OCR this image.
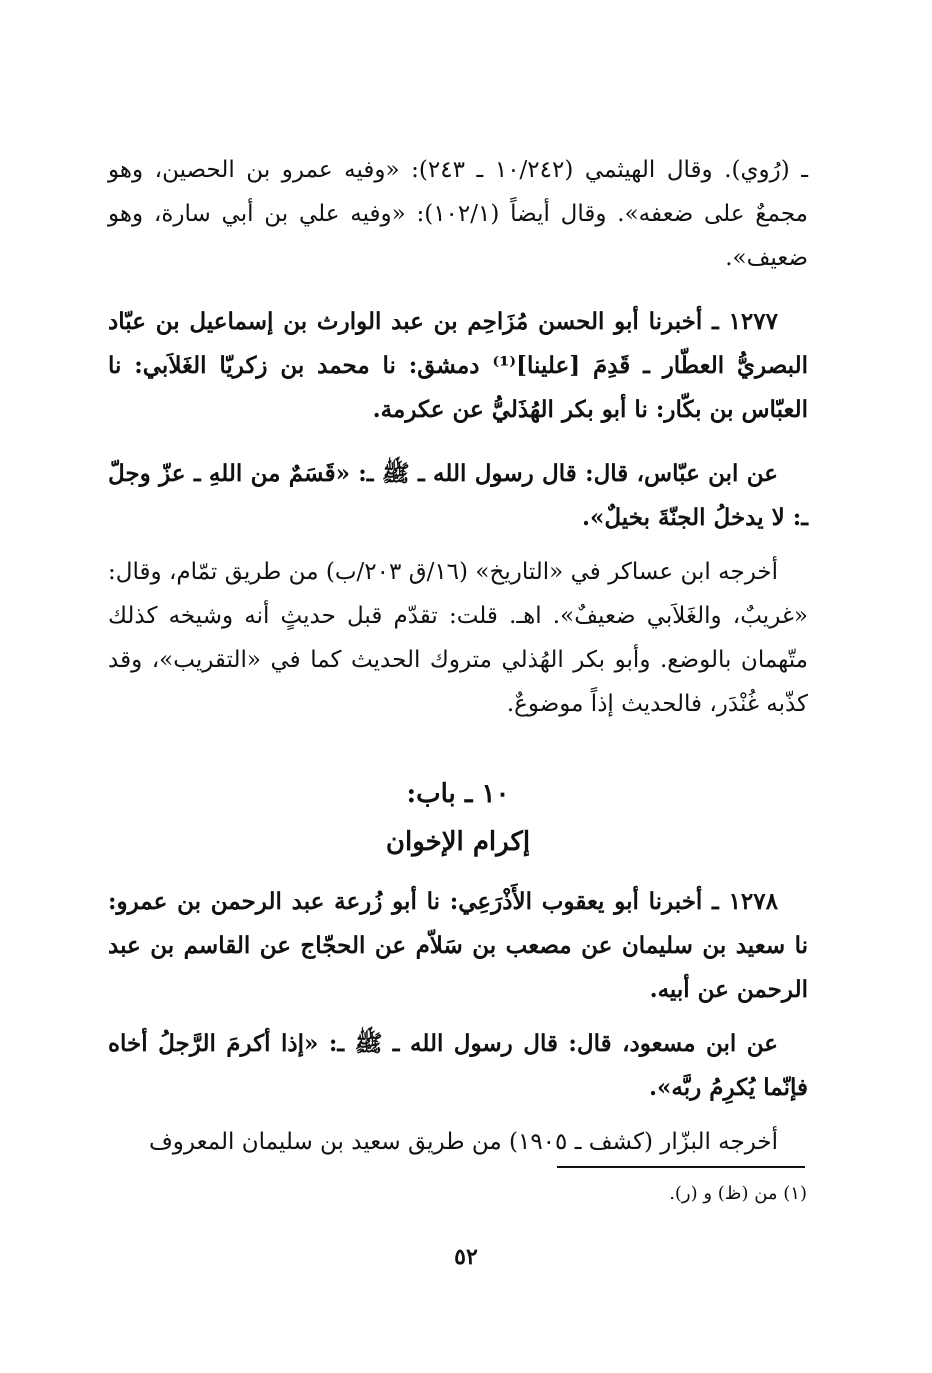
ـ (رُوي). وقال الهيثمي (١٠/٢٤٢ ـ ٢٤٣): «وفيه عمرو بن الحصين، وهو مجمعٌ على ضعفه». وقال أيضاً (١٠٢/١): «وفيه علي بن أبي سارة، وهو ضعيف».

١٢٧٧ ـ أخبرنا أبو الحسن مُزَاحِم بن عبد الوارث بن إسماعيل بن عبّاد البصريُّ العطّار ـ قَدِمَ [علينا]⁽¹⁾ دمشق: نا محمد بن زكريّا الغَلاَبي: نا العبّاس بن بكّار: نا أبو بكر الهُذَليُّ عن عكرمة.

عن ابن عبّاس، قال: قال رسول الله ـ ﷺ ـ: «قَسَمٌ من اللهِ ـ عزّ وجلّ ـ: لا يدخلُ الجنّةَ بخيلٌ».

أخرجه ابن عساكر في «التاريخ» (١٦/ق ٢٠٣/ب) من طريق تمّام، وقال: «غريبٌ، والغَلاَبي ضعيفٌ». اهـ. قلت: تقدّم قبل حديثٍ أنه وشيخه كذلك متّهمان بالوضع. وأبو بكر الهُذلي متروك الحديث كما في «التقريب»، وقد كذّبه غُنْدَر، فالحديث إذاً موضوعٌ.

١٠ ـ باب:

إكرام الإخوان

١٢٧٨ ـ أخبرنا أبو يعقوب الأَذْرَعِي: نا أبو زُرعة عبد الرحمن بن عمرو: نا سعيد بن سليمان عن مصعب بن سَلاّم عن الحجّاج عن القاسم بن عبد الرحمن عن أبيه.

عن ابن مسعود، قال: قال رسول الله ـ ﷺ ـ: «إذا أكرمَ الرَّجلُ أخاه فإنّما يُكرِمُ ربَّه».

أخرجه البزّار (كشف ـ ١٩٠٥) من طريق سعيد بن سليمان المعروف

(١) من (ظ) و (ر).
٥٢
